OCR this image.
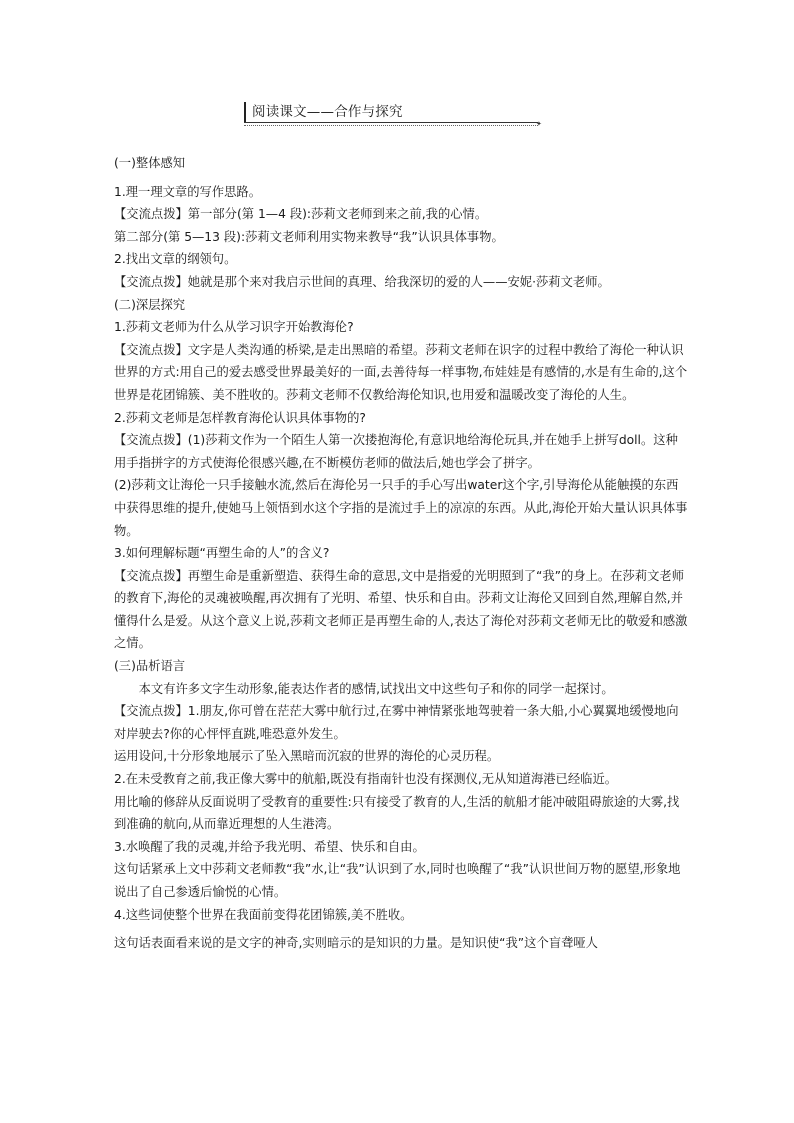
阅读课文——合作与探究
✦

(一)整体感知

1.理一理文章的写作思路。

【交流点拨】第一部分(第 1—4 段):莎莉文老师到来之前,我的心情。

第二部分(第 5—13 段):莎莉文老师利用实物来教导“我”认识具体事物。

2.找出文章的纲领句。

【交流点拨】她就是那个来对我启示世间的真理、给我深切的爱的人——安妮·莎莉文老师。

(二)深层探究

1.莎莉文老师为什么从学习识字开始教海伦?

【交流点拨】文字是人类沟通的桥梁,是走出黑暗的希望。莎莉文老师在识字的过程中教给了海伦一种认识世界的方式:用自己的爱去感受世界最美好的一面,去善待每一样事物,布娃娃是有感情的,水是有生命的,这个世界是花团锦簇、美不胜收的。莎莉文老师不仅教给海伦知识,也用爱和温暖改变了海伦的人生。

2.莎莉文老师是怎样教育海伦认识具体事物的?

【交流点拨】(1)莎莉文作为一个陌生人第一次搂抱海伦,有意识地给海伦玩具,并在她手上拼写doll。这种用手指拼字的方式使海伦很感兴趣,在不断模仿老师的做法后,她也学会了拼字。

(2)莎莉文让海伦一只手接触水流,然后在海伦另一只手的手心写出water这个字,引导海伦从能触摸的东西中获得思维的提升,使她马上领悟到水这个字指的是流过手上的凉凉的东西。从此,海伦开始大量认识具体事物。

3.如何理解标题“再塑生命的人”的含义?

【交流点拨】再塑生命是重新塑造、获得生命的意思,文中是指爱的光明照到了“我”的身上。在莎莉文老师的教育下,海伦的灵魂被唤醒,再次拥有了光明、希望、快乐和自由。莎莉文让海伦又回到自然,理解自然,并懂得什么是爱。从这个意义上说,莎莉文老师正是再塑生命的人,表达了海伦对莎莉文老师无比的敬爱和感激之情。

(三)品析语言

本文有许多文字生动形象,能表达作者的感情,试找出文中这些句子和你的同学一起探讨。

【交流点拨】1.朋友,你可曾在茫茫大雾中航行过,在雾中神情紧张地驾驶着一条大船,小心翼翼地缓慢地向对岸驶去?你的心怦怦直跳,唯恐意外发生。

运用设问,十分形象地展示了坠入黑暗而沉寂的世界的海伦的心灵历程。

2.在未受教育之前,我正像大雾中的航船,既没有指南针也没有探测仪,无从知道海港已经临近。

用比喻的修辞从反面说明了受教育的重要性:只有接受了教育的人,生活的航船才能冲破阻碍旅途的大雾,找到准确的航向,从而靠近理想的人生港湾。

3.水唤醒了我的灵魂,并给予我光明、希望、快乐和自由。

这句话紧承上文中莎莉文老师教“我”水,让“我”认识到了水,同时也唤醒了“我”认识世间万物的愿望,形象地说出了自己参透后愉悦的心情。

4.这些词使整个世界在我面前变得花团锦簇,美不胜收。

这句话表面看来说的是文字的神奇,实则暗示的是知识的力量。是知识使“我”这个盲聋哑人
